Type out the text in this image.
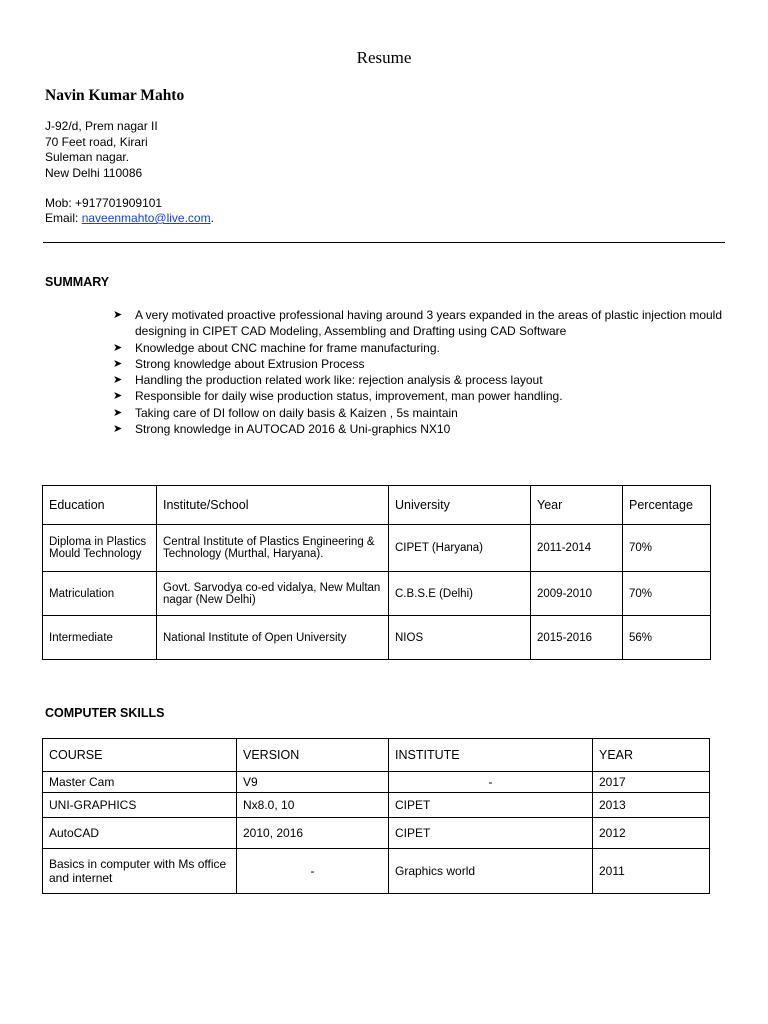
Resume
Navin Kumar Mahto
J-92/d, Prem nagar II
70 Feet road, Kirari
Suleman nagar.
New Delhi 110086
Mob: +917701909101
Email: naveenmahto@live.com.
SUMMARY
➤ A very motivated proactive professional having around 3 years expanded in the areas of plastic injection mould designing in CIPET CAD Modeling, Assembling and Drafting using CAD Software
➤ Knowledge about CNC machine for frame manufacturing.
➤ Strong knowledge about Extrusion Process
➤ Handling the production related work like: rejection analysis & process layout
➤ Responsible for daily wise production status, improvement, man power handling.
➤ Taking care of DI follow on daily basis & Kaizen , 5s maintain
➤ Strong knowledge in AUTOCAD 2016 & Uni-graphics NX10
Education	Institute/School	University	Year	Percentage
Diploma in Plastics Mould Technology	Central Institute of Plastics Engineering & Technology (Murthal, Haryana).	CIPET (Haryana)	2011-2014	70%
Matriculation	Govt. Sarvodya co-ed vidalya, New Multan nagar (New Delhi)	C.B.S.E (Delhi)	2009-2010	70%
Intermediate	National Institute of Open University	NIOS	2015-2016	56%
COMPUTER SKILLS
COURSE	VERSION	INSTITUTE	YEAR
Master Cam	V9	-	2017
UNI-GRAPHICS	Nx8.0, 10	CIPET	2013
AutoCAD	2010, 2016	CIPET	2012
Basics in computer with Ms office and internet	-	Graphics world	2011
